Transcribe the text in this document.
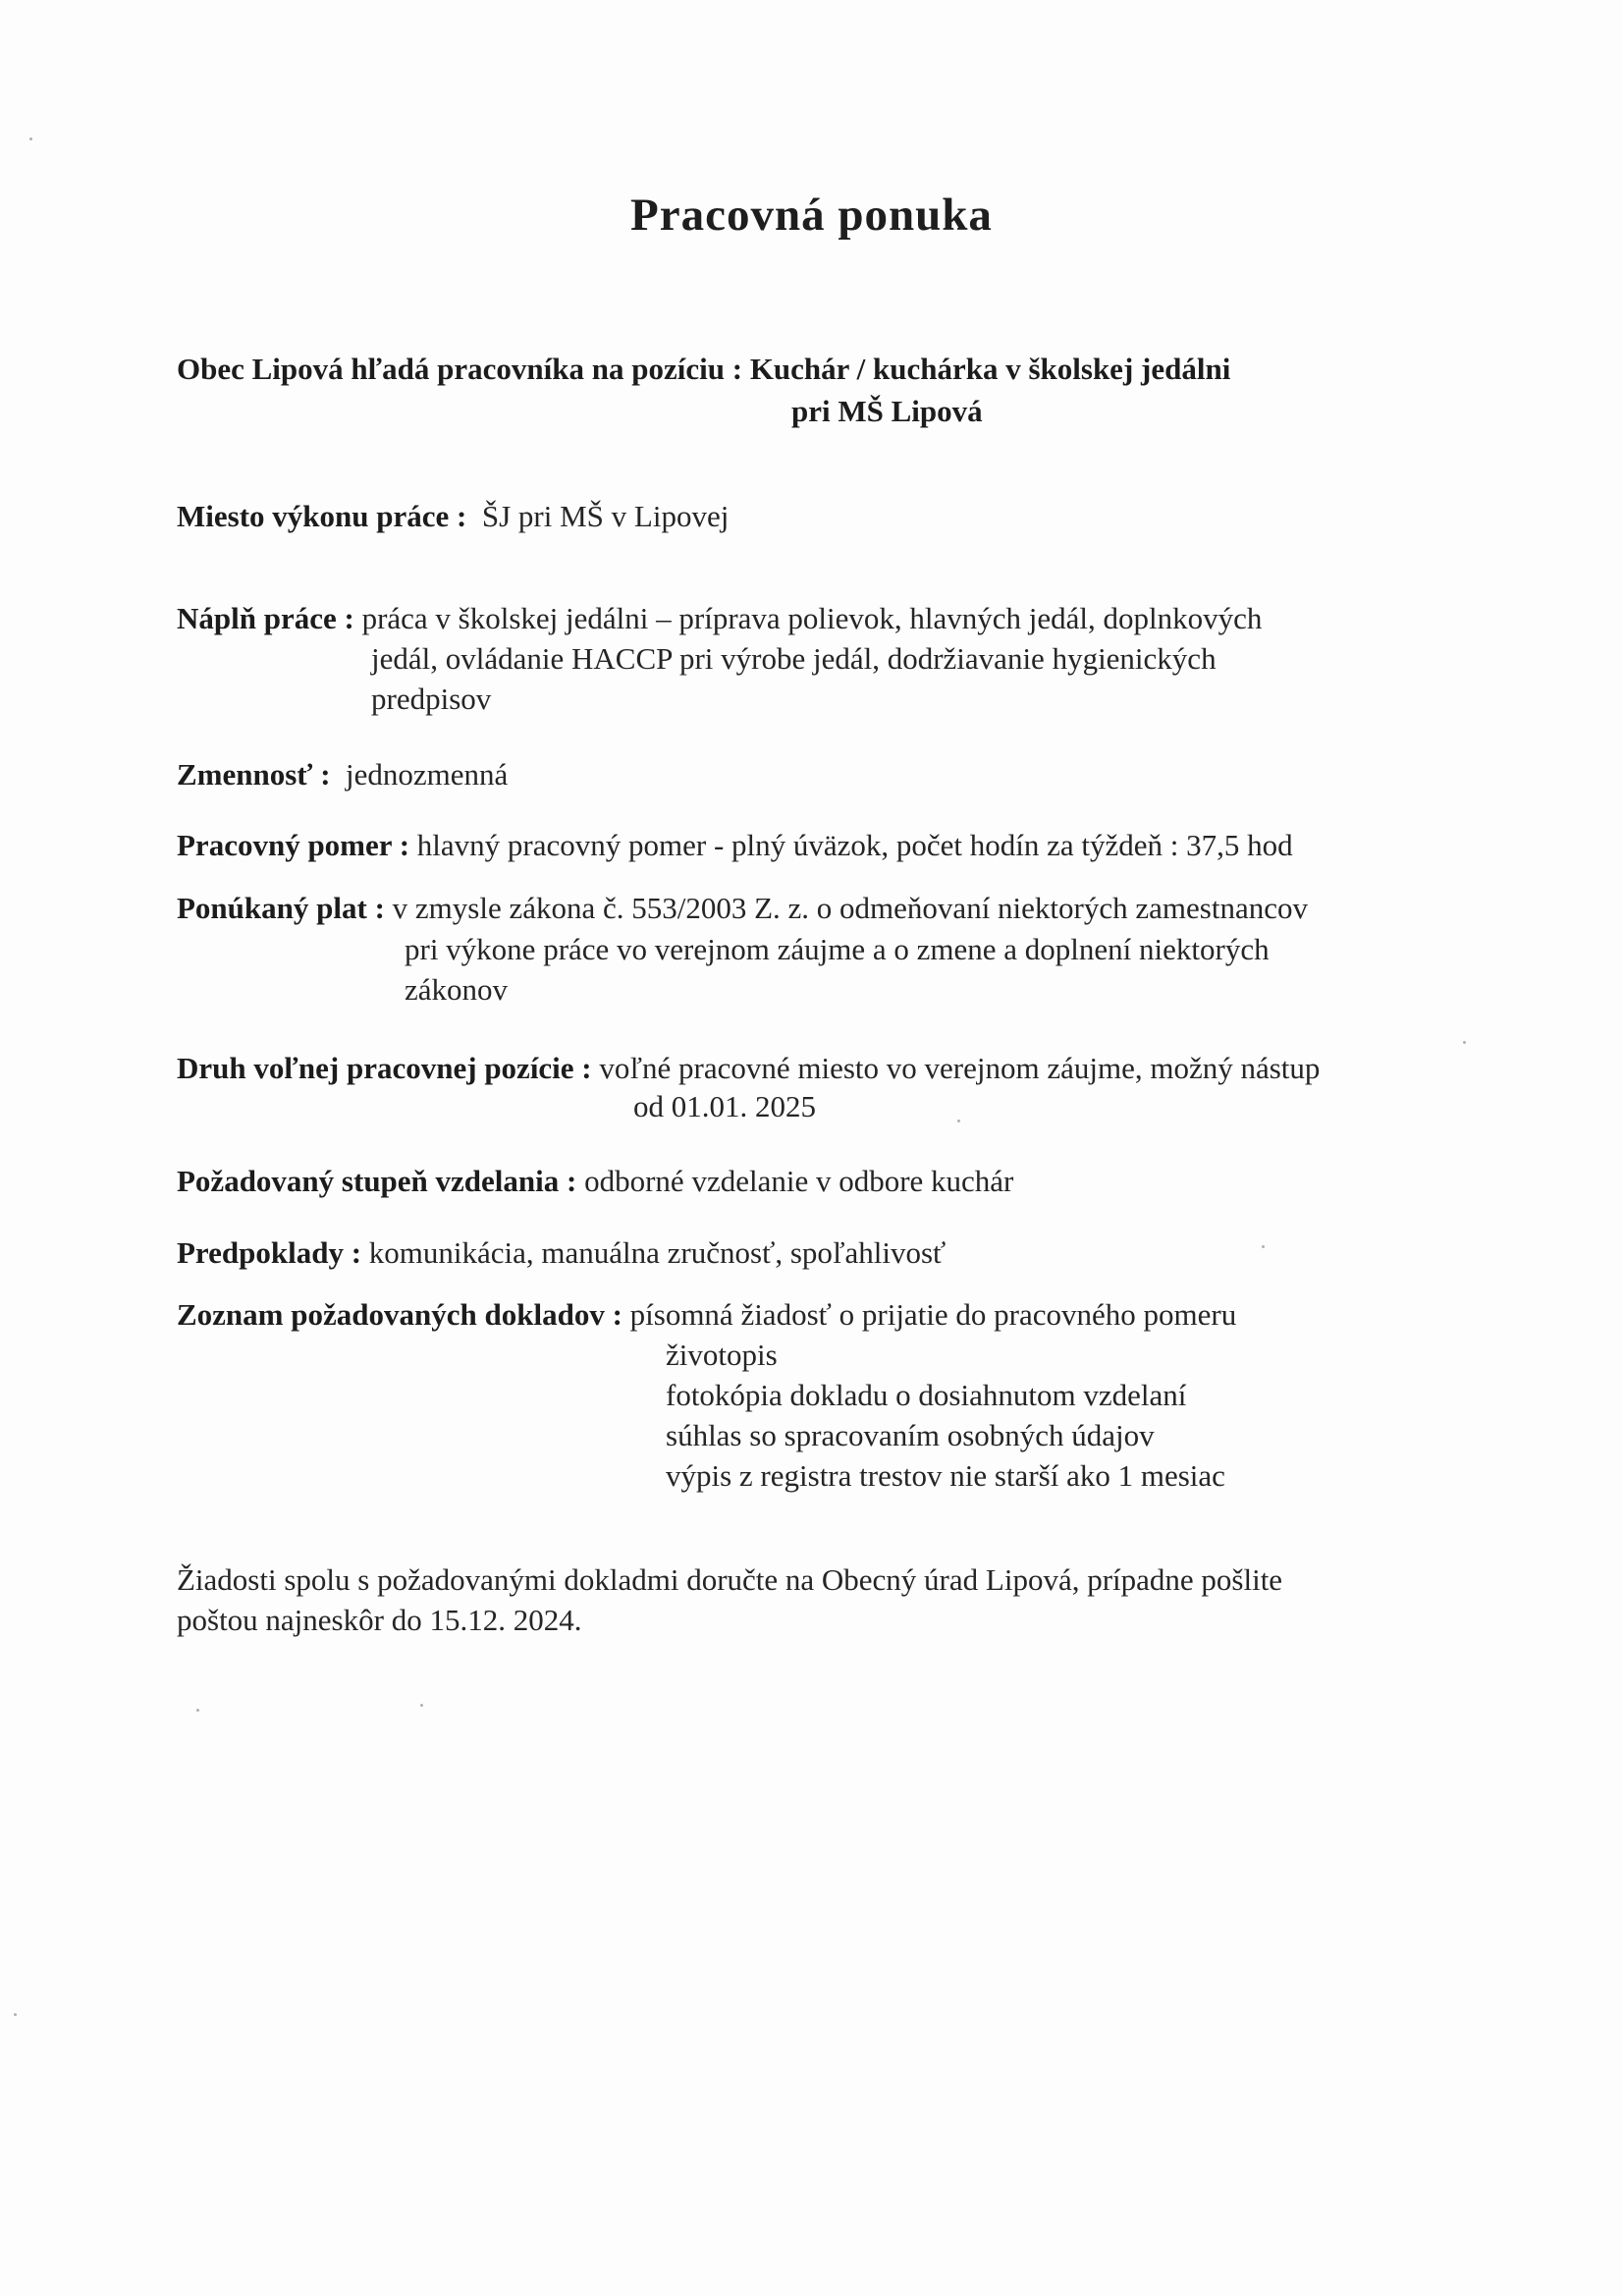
Pracovná ponuka
Obec Lipová hľadá pracovníka na pozíciu : Kuchár / kuchárka v školskej jedálni
pri MŠ Lipová
Miesto výkonu práce : ŠJ pri MŠ v Lipovej
Náplň práce : práca v školskej jedálni – príprava polievok, hlavných jedál, doplnkových
jedál, ovládanie HACCP pri výrobe jedál, dodržiavanie hygienických
predpisov
Zmennosť : jednozmenná
Pracovný pomer : hlavný pracovný pomer - plný úväzok, počet hodín za týždeň : 37,5 hod
Ponúkaný plat : v zmysle zákona č. 553/2003 Z. z. o odmeňovaní niektorých zamestnancov
pri výkone práce vo verejnom záujme a o zmene a doplnení niektorých
zákonov
Druh voľnej pracovnej pozície : voľné pracovné miesto vo verejnom záujme, možný nástup
od 01.01. 2025
Požadovaný stupeň vzdelania : odborné vzdelanie v odbore kuchár
Predpoklady : komunikácia, manuálna zručnosť, spoľahlivosť
Zoznam požadovaných dokladov : písomná žiadosť o prijatie do pracovného pomeru
životopis
fotokópia dokladu o dosiahnutom vzdelaní
súhlas so spracovaním osobných údajov
výpis z registra trestov nie starší ako 1 mesiac
Žiadosti spolu s požadovanými dokladmi doručte na Obecný úrad Lipová, prípadne pošlite
poštou najneskôr do 15.12. 2024.
